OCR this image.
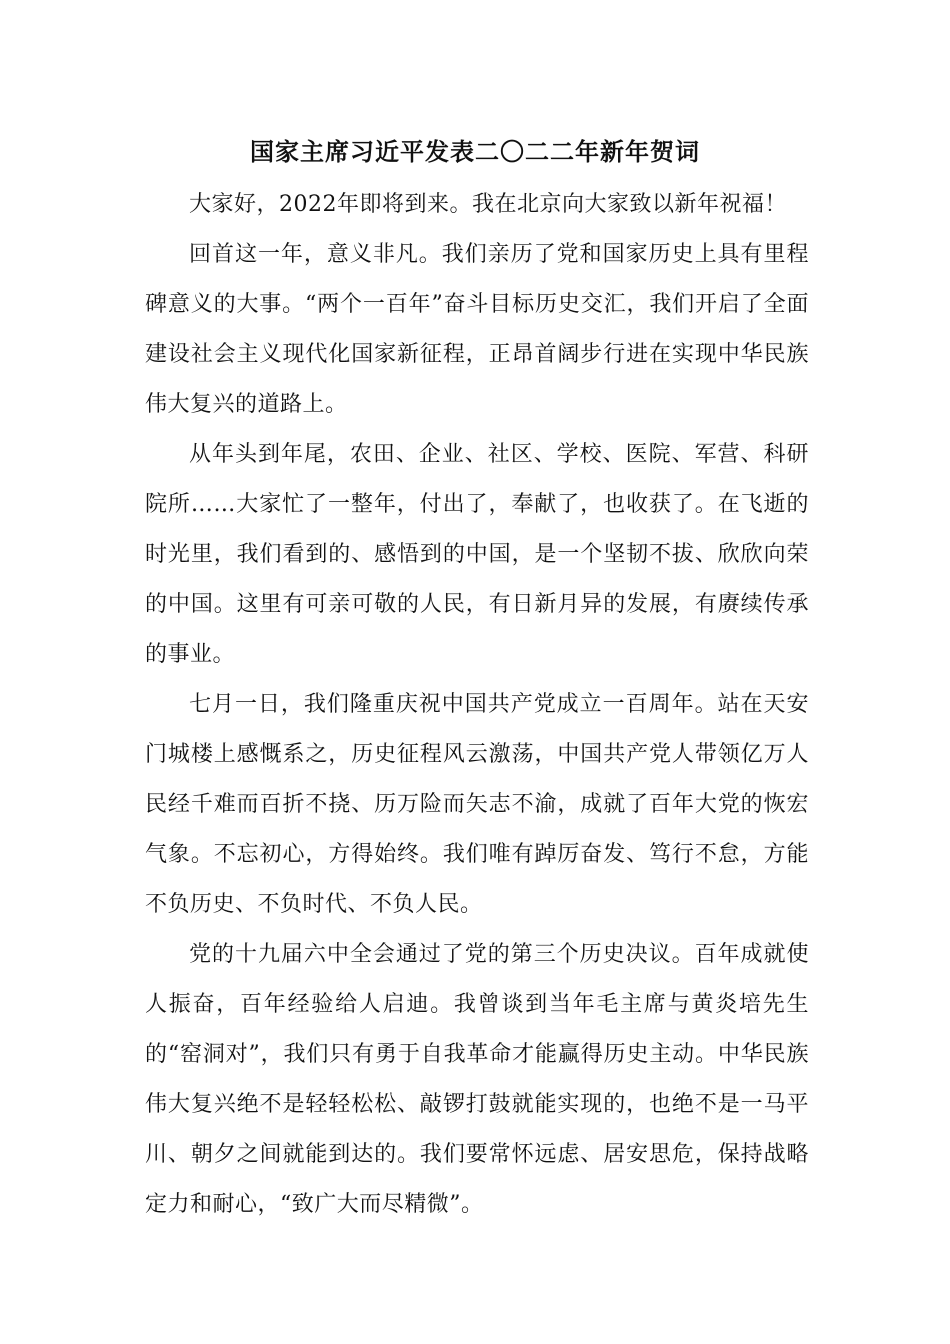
国家主席习近平发表二〇二二年新年贺词

大家好，2022年即将到来。我在北京向大家致以新年祝福！

回首这一年，意义非凡。我们亲历了党和国家历史上具有里程碑意义的大事。“两个一百年”奋斗目标历史交汇，我们开启了全面建设社会主义现代化国家新征程，正昂首阔步行进在实现中华民族伟大复兴的道路上。

从年头到年尾，农田、企业、社区、学校、医院、军营、科研院所……大家忙了一整年，付出了，奉献了，也收获了。在飞逝的时光里，我们看到的、感悟到的中国，是一个坚韧不拔、欣欣向荣的中国。这里有可亲可敬的人民，有日新月异的发展，有赓续传承的事业。

七月一日，我们隆重庆祝中国共产党成立一百周年。站在天安门城楼上感慨系之，历史征程风云激荡，中国共产党人带领亿万人民经千难而百折不挠、历万险而矢志不渝，成就了百年大党的恢宏气象。不忘初心，方得始终。我们唯有踔厉奋发、笃行不怠，方能不负历史、不负时代、不负人民。

党的十九届六中全会通过了党的第三个历史决议。百年成就使人振奋，百年经验给人启迪。我曾谈到当年毛主席与黄炎培先生的“窑洞对”，我们只有勇于自我革命才能赢得历史主动。中华民族伟大复兴绝不是轻轻松松、敲锣打鼓就能实现的，也绝不是一马平川、朝夕之间就能到达的。我们要常怀远虑、居安思危，保持战略定力和耐心，“致广大而尽精微”。
